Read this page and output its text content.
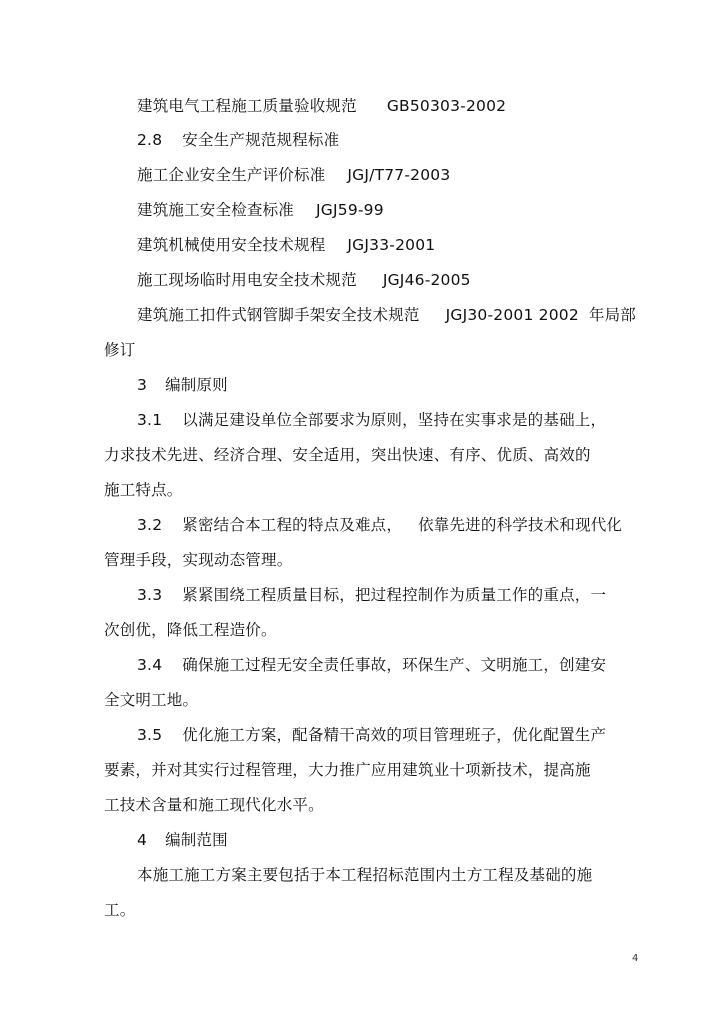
建筑电气工程施工质量验收规范 GB50303-2002
2.8 安全生产规范规程标准
施工企业安全生产评价标准 JGJ/T77-2003
建筑施工安全检查标准 JGJ59-99
建筑机械使用安全技术规程 JGJ33-2001
施工现场临时用电安全技术规范 JGJ46-2005
建筑施工扣件式钢管脚手架安全技术规范 JGJ30-2001 2002 年局部
修订
3 编制原则
3.1 以满足建设单位全部要求为原则，坚持在实事求是的基础上，
力求技术先进、经济合理、安全适用，突出快速、有序、优质、高效的
施工特点。
3.2 紧密结合本工程的特点及难点， 依靠先进的科学技术和现代化
管理手段，实现动态管理。
3.3 紧紧围绕工程质量目标，把过程控制作为质量工作的重点，一
次创优，降低工程造价。
3.4 确保施工过程无安全责任事故，环保生产、文明施工，创建安
全文明工地。
3.5 优化施工方案，配备精干高效的项目管理班子，优化配置生产
要素，并对其实行过程管理，大力推广应用建筑业十项新技术，提高施
工技术含量和施工现代化水平。
4 编制范围
本施工施工方案主要包括于本工程招标范围内土方工程及基础的施
工。
4
